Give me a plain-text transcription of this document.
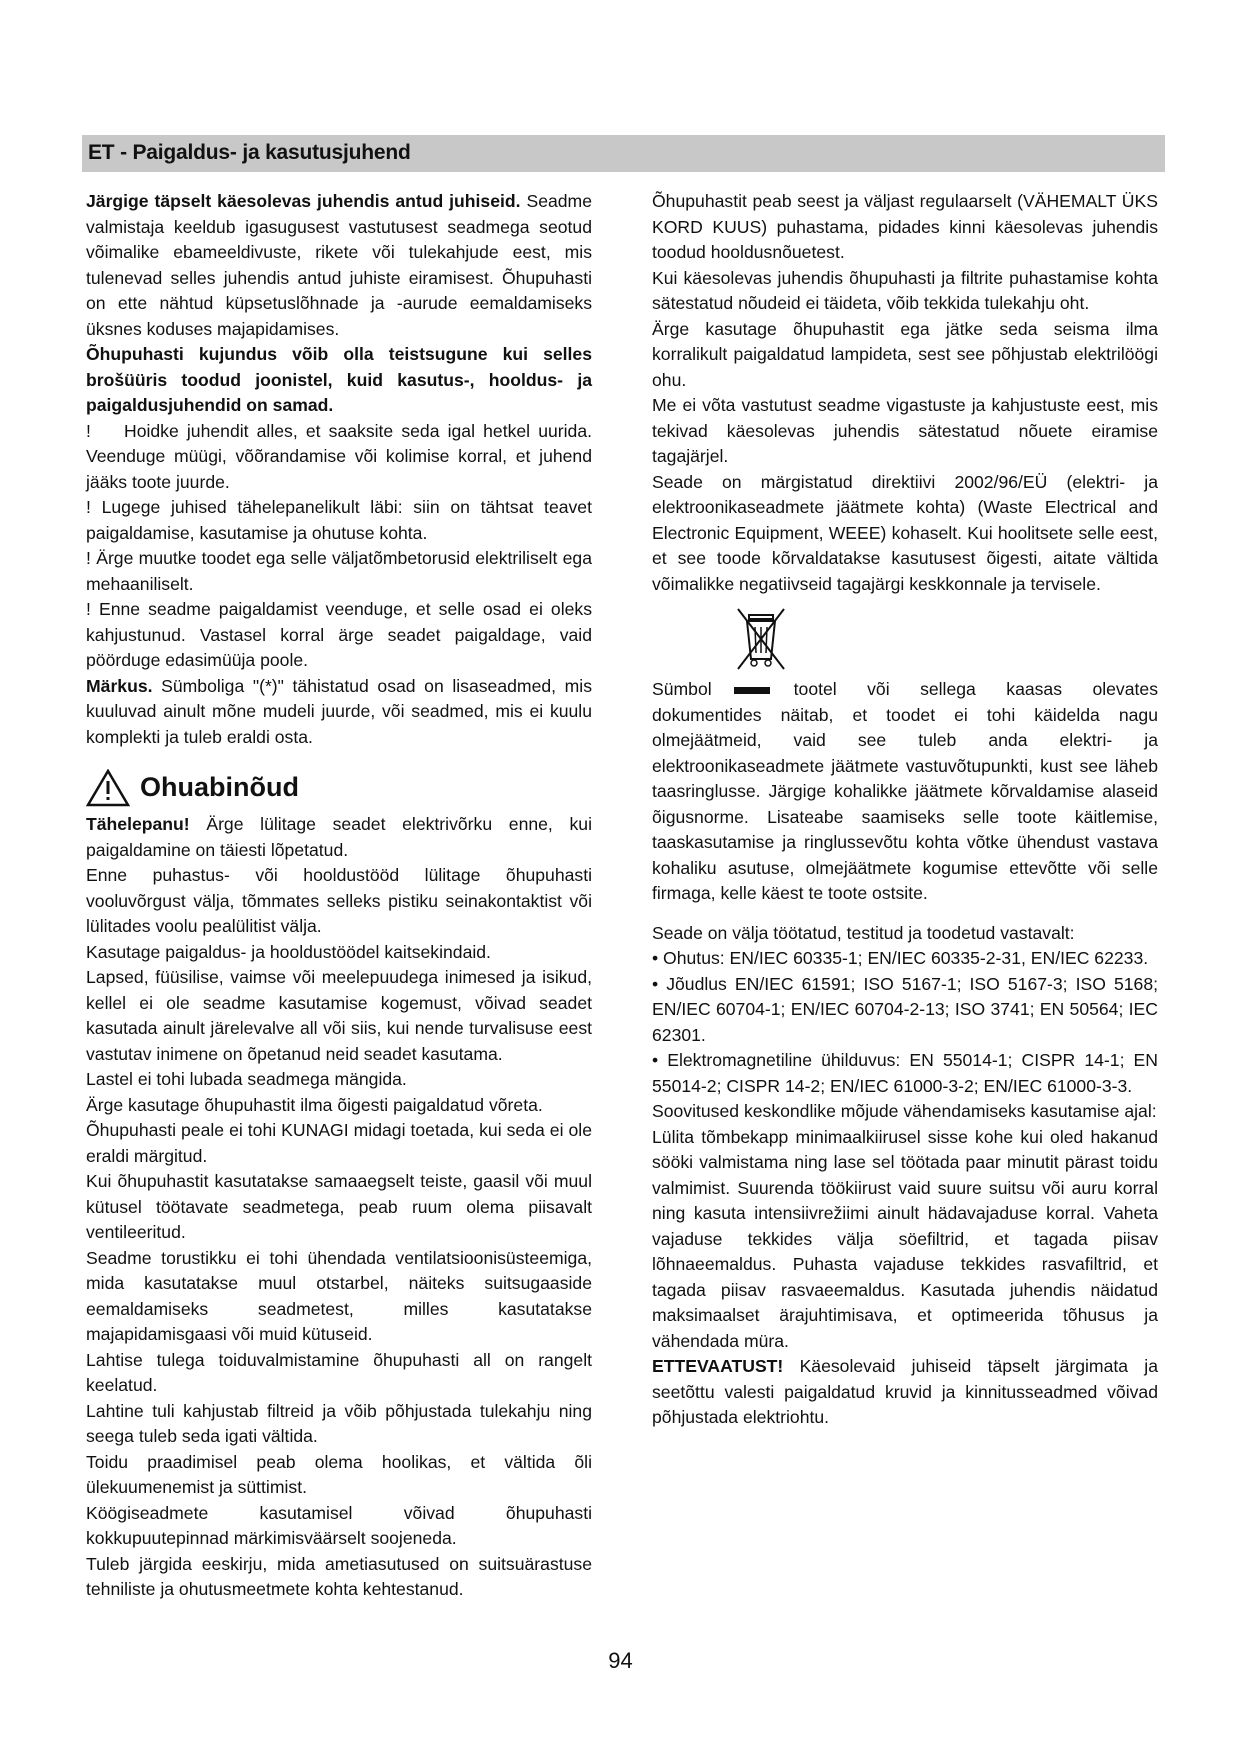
ET - Paigaldus- ja kasutusjuhend

Järgige täpselt käesolevas juhendis antud juhiseid. Seadme valmistaja keeldub igasugusest vastutusest seadmega seotud võimalike ebameeldivuste, rikete või tulekahjude eest, mis tulenevad selles juhendis antud juhiste eiramisest. Õhupuhasti on ette nähtud küpsetuslõhnade ja -aurude eemaldamiseks üksnes koduses majapidamises.

Õhupuhasti kujundus võib olla teistsugune kui selles brošüüris toodud joonistel, kuid kasutus-, hooldus- ja paigaldusjuhendid on samad.

! Hoidke juhendit alles, et saaksite seda igal hetkel uurida. Veenduge müügi, võõrandamise või kolimise korral, et juhend jääks toote juurde.

! Lugege juhised tähelepanelikult läbi: siin on tähtsat teavet paigaldamise, kasutamise ja ohutuse kohta.

! Ärge muutke toodet ega selle väljatõmbetorusid elektriliselt ega mehaaniliselt.

! Enne seadme paigaldamist veenduge, et selle osad ei oleks kahjustunud. Vastasel korral ärge seadet paigaldage, vaid pöörduge edasimüüja poole.

Märkus. Sümboliga "(*)" tähistatud osad on lisaseadmed, mis kuuluvad ainult mõne mudeli juurde, või seadmed, mis ei kuulu komplekti ja tuleb eraldi osta.

Ohuabinõud

Tähelepanu! Ärge lülitage seadet elektrivõrku enne, kui paigaldamine on täiesti lõpetatud.

Enne puhastus- või hooldustööd lülitage õhupuhasti vooluvõrgust välja, tõmmates selleks pistiku seinakontaktist või lülitades voolu pealülitist välja.

Kasutage paigaldus- ja hooldustöödel kaitsekindaid.

Lapsed, füüsilise, vaimse või meelepuudega inimesed ja isikud, kellel ei ole seadme kasutamise kogemust, võivad seadet kasutada ainult järelevalve all või siis, kui nende turvalisuse eest vastutav inimene on õpetanud neid seadet kasutama.

Lastel ei tohi lubada seadmega mängida.

Ärge kasutage õhupuhastit ilma õigesti paigaldatud võreta.

Õhupuhasti peale ei tohi KUNAGI midagi toetada, kui seda ei ole eraldi märgitud.

Kui õhupuhastit kasutatakse samaaegselt teiste, gaasil või muul kütusel töötavate seadmetega, peab ruum olema piisavalt ventileeritud.

Seadme torustikku ei tohi ühendada ventilatsioonisüsteemiga, mida kasutatakse muul otstarbel, näiteks suitsugaaside eemaldamiseks seadmetest, milles kasutatakse majapidamisgaasi või muid kütuseid.

Lahtise tulega toiduvalmistamine õhupuhasti all on rangelt keelatud.

Lahtine tuli kahjustab filtreid ja võib põhjustada tulekahju ning seega tuleb seda igati vältida.

Toidu praadimisel peab olema hoolikas, et vältida õli ülekuumenemist ja süttimist.

Köögiseadmete kasutamisel võivad õhupuhasti kokkupuutepinnad märkimisväärselt soojeneda.

Tuleb järgida eeskirju, mida ametiasutused on suitsuärastuse tehniliste ja ohutusmeetmete kohta kehtestanud.

Õhupuhastit peab seest ja väljast regulaarselt (VÄHEMALT ÜKS KORD KUUS) puhastama, pidades kinni käesolevas juhendis toodud hooldusnõuetest.

Kui käesolevas juhendis õhupuhasti ja filtrite puhastamise kohta sätestatud nõudeid ei täideta, võib tekkida tulekahju oht.

Ärge kasutage õhupuhastit ega jätke seda seisma ilma korralikult paigaldatud lampideta, sest see põhjustab elektrilöögi ohu.

Me ei võta vastutust seadme vigastuste ja kahjustuste eest, mis tekivad käesolevas juhendis sätestatud nõuete eiramise tagajärjel.

Seade on märgistatud direktiivi 2002/96/EÜ (elektri- ja elektroonikaseadmete jäätmete kohta) (Waste Electrical and Electronic Equipment, WEEE) kohaselt. Kui hoolitsete selle eest, et see toode kõrvaldatakse kasutusest õigesti, aitate vältida võimalikke negatiivseid tagajärgi keskkonnale ja tervisele.

Sümbol	tootel või sellega kaasas olevates dokumentides näitab, et toodet ei tohi käidelda nagu olmejäätmeid, vaid see tuleb anda elektri- ja elektroonikaseadmete jäätmete vastuvõtupunkti, kust see läheb taasringlusse. Järgige kohalikke jäätmete kõrvaldamise alaseid õigusnorme. Lisateabe saamiseks selle toote käitlemise, taaskasutamise ja ringlussevõtu kohta võtke ühendust vastava kohaliku asutuse, olmejäätmete kogumise ettevõtte või selle firmaga, kelle käest te toote ostsite.

Seade on välja töötatud, testitud ja toodetud vastavalt:

• Ohutus: EN/IEC 60335-1; EN/IEC 60335-2-31, EN/IEC 62233.

• Jõudlus EN/IEC 61591; ISO 5167-1; ISO 5167-3; ISO 5168; EN/IEC 60704-1; EN/IEC 60704-2-13; ISO 3741; EN 50564; IEC 62301.

• Elektromagnetiline ühilduvus: EN 55014-1; CISPR 14-1; EN 55014-2; CISPR 14-2; EN/IEC 61000-3-2; EN/IEC 61000-3-3.

Soovitused keskondlike mõjude vähendamiseks kasutamise ajal:

Lülita tõmbekapp minimaalkiirusel sisse kohe kui oled hakanud sööki valmistama ning lase sel töötada paar minutit pärast toidu valmimist. Suurenda töökiirust vaid suure suitsu või auru korral ning kasuta intensiivrežiimi ainult hädavajaduse korral. Vaheta vajaduse tekkides välja söefiltrid, et tagada piisav lõhnaeemaldus. Puhasta vajaduse tekkides rasvafiltrid, et tagada piisav rasvaeemaldus. Kasutada juhendis näidatud maksimaalset ärajuhtimisava, et optimeerida tõhusus ja vähendada müra.

ETTEVAATUST! Käesolevaid juhiseid täpselt järgimata ja seetõttu valesti paigaldatud kruvid ja kinnitusseadmed võivad põhjustada elektriohtu.

94
